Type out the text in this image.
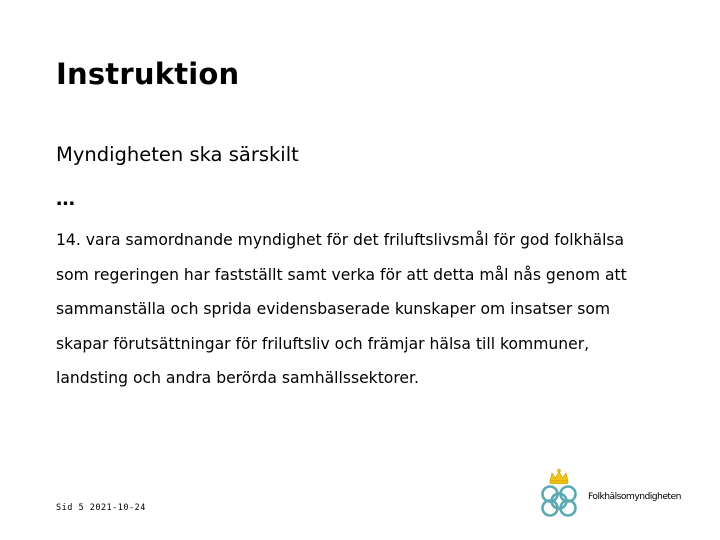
Instruktion
Myndigheten ska särskilt
…

14. vara samordnande myndighet för det friluftslivsmål för god folkhälsa som regeringen har fastställt samt verka för att detta mål nås genom att sammanställa och sprida evidensbaserade kunskaper om insatser som skapar förutsättningar för friluftsliv och främjar hälsa till kommuner, landsting och andra berörda samhällssektorer.

Sid 5 2021-10-24
Folkhälsomyndigheten
